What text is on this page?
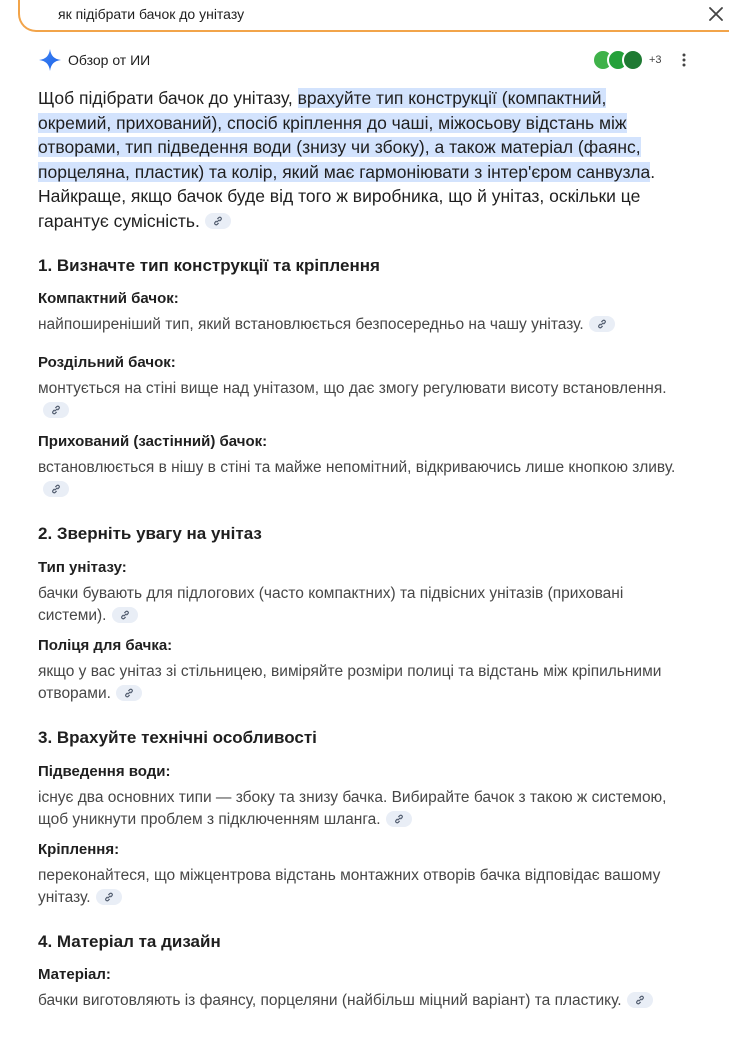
як підібрати бачок до унітазу
Обзор от ИИ	+3

Щоб підібрати бачок до унітазу, врахуйте тип конструкції (компактний, окремий, прихований), спосіб кріплення до чаші, міжосьову відстань між отворами, тип підведення води (знизу чи збоку), а також матеріал (фаянс, порцеляна, пластик) та колір, який має гармоніювати з інтер'єром санвузла. Найкраще, якщо бачок буде від того ж виробника, що й унітаз, оскільки це гарантує сумісність.

1. Визначте тип конструкції та кріплення

Компактний бачок:

найпоширеніший тип, який встановлюється безпосередньо на чашу унітазу.

Роздільний бачок:

монтується на стіні вище над унітазом, що дає змогу регулювати висоту встановлення.

Прихований (застінний) бачок:

встановлюється в нішу в стіні та майже непомітний, відкриваючись лише кнопкою зливу.

2. Зверніть увагу на унітаз

Тип унітазу:

бачки бувають для підлогових (часто компактних) та підвісних унітазів (приховані системи).

Поліця для бачка:

якщо у вас унітаз зі стільницею, виміряйте розміри полиці та відстань між кріпильними отворами.

3. Врахуйте технічні особливості

Підведення води:

існує два основних типи — збоку та знизу бачка. Вибирайте бачок з такою ж системою, щоб уникнути проблем з підключенням шланга.

Кріплення:

переконайтеся, що міжцентрова відстань монтажних отворів бачка відповідає вашому унітазу.

4. Матеріал та дизайн

Матеріал:

бачки виготовляють із фаянсу, порцеляни (найбільш міцний варіант) та пластику.
